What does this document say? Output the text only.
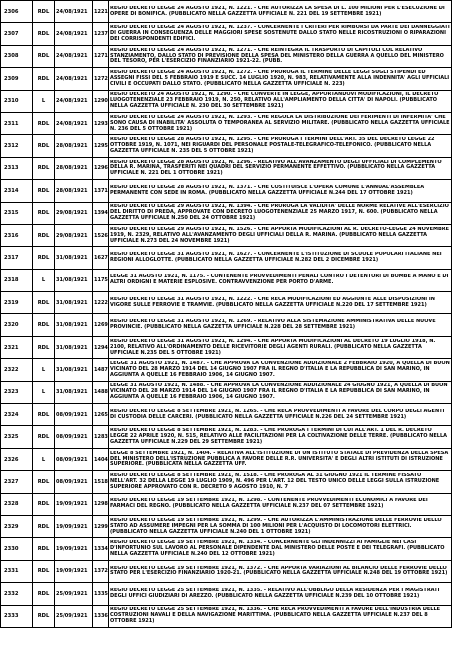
2306	RDL	24/08/1921	1221	REGIO DECRETO LEGGE 24 AGOSTO 1921, N. 1221. - CHE AUTORIZZA LA SPESA DI L. 100 MILIONI PER L'ESECUZIONE DI OPERE DI BONIFICA. (PUBBLICATO NELLA GAZZETTA UFFICIALE N. 221 DEL 19 SETTEMBRE 1921)

2307	RDL	24/08/1921	1237	REGIO DECRETO LEGGE 24 AGOSTO 1921, N. 1237. - CONCERNENTE I CRITERI PER RIMBORSI DA PARTE DEI DANNEGGIATI DI GUERRA IN CONSEGUENZA DELLE MAGGIORI SPESE SOSTENUTE DALLO STATO NELLE RICOSTRUZIONI O RIPARAZIONI DEI CORRISPONDENTI EDIFICI.

2308	RDL	24/08/1921	1271	REGIO DECRETO LEGGE 24 AGOSTO 1921, N. 1271. - CHE REINTEGRA IL TRASPORTO DI CAPITOLI COL RELATIVO STANZIAMENTO, DALLO STATO DI PREVISIONE DELLA SPESA DEL MINISTERO DELLA GUERRA A QUELLO DEL MINISTERO DEL TESORO, PER L'ESERCIZIO FINANZIARIO 1921-22. (PUBB.

2309	RDL	24/08/1921	1272	REGIO DECRETO LEGGE 24 AGOSTO 1921, N. 1272. - CHE PROROGA IL TERMINE DELLE LEGGI SUGLI STIPENDI ED ASSEGNI FISSI DEL 5 FEBBRAIO 1919 E SUCC. 14 LUGLIO 1920, N. 983, RELATIVAMENTE ALLA INDENNITA' AGLI UFFICIALI CIVILI E OCCUPATI DALLO STATO. (PUBBLICATO NELLA GAZZETTA UFFICIALE N. 223)

2310	L	24/08/1921	1290	REGIO DECRETO 24 AGOSTO 1921, N. 1290. - CHE CONVERTE IN LEGGE, APPORTANDOVI MODIFICAZIONI, IL DECRETO LUOGOTENENZIALE 23 FEBBRAIO 1919, N. 250, RELATIVO ALL'AMPLIAMENTO DELLA CITTA' DI NAPOLI. (PUBBLICATO NELLA GAZZETTA UFFICIALE N. 230 DEL 30 SETTEMBRE 1921)

2311	RDL	24/08/1921	1293	REGIO DECRETO LEGGE 24 AGOSTO 1921, N. 1293. - CHE REGOLA LA DISTRIBUZIONE DEI FERIMENTI DI INFERMITA' CHE SONO CAUSA DI INABILITA' ASSOLUTA O TEMPORANEA AL SERVIZIO MILITARE. (PUBBLICATO NELLA GAZZETTA UFFICIALE N. 236 DEL 5 OTTOBRE 1921)

2312	RDL	28/08/1921	1295	REGIO DECRETO LEGGE 28 AGOSTO 1921, N. 1295. - CHE PROROGA I TERMINI DELL'ART. 35 DEL DECRETO LEGGE 22 OTTOBRE 1919, N. 1071, NEI RIGUARDI DEL PERSONALE POSTALE-TELEGRAFICO-TELEFONICO. (PUBBLICATO NELLA GAZZETTA UFFICIALE N. 235 DEL 5 OTTOBRE 1921)

2313	RDL	28/08/1921	1296	REGIO DECRETO LEGGE 28 AGOSTO 1921, N. 1296. - RELATIVO ALL'AVANZAMENTO DEGLI UFFICIALI DI COMPLEMENTO DELLA R. MARINA, TRASFERITI NEI QUADRI DEL SERVIZIO PERMANENTE EFFETTIVO. (PUBBLICATO NELLA GAZZETTA UFFICIALE N. 221 DEL 1 OTTOBRE 1921)

2314	RDL	28/08/1921	1371	REGIO DECRETO LEGGE 28 AGOSTO 1921, N. 1371. - CHE COSTITUISCE L'OPERA COMUNE L'ANNUAL'ASSEMBLEA PERMANENTE CON SEDE IN ROMA. (PUBBLICATO NELLA GAZZETTA UFFICIALE N.244 DEL 17 OTTOBRE 1921)

2315	RDL	29/08/1921	1394	REGIO DECRETO LEGGE 29 AGOSTO 1921, N. 1394. - CHE PROROGA LA VALIDITA' DELLE NORME RELATIVE ALL'ESERCIZIO DEL DIRITTO DI PREDA, APPROVATE CON DECRETO LUOGOTENENZIALE 25 MARZO 1917, N. 600. (PUBBLICATO NELLA GAZZETTA UFFICIALE N.250 DEL 24 OTTOBRE 1921)

2316	RDL	29/08/1921	1526	REGIO DECRETO LEGGE 29 AGOSTO 1921, N. 1526. - CHE APPORTA MODIFICAZIONI AL R. DECRETO-LEGGE 24 NOVEMBRE 1919, N. 2329, RELATIVO ALL'AVANZAMENTO DEGLI UFFICIALI DELLA R. MARINA. (PUBBLICATO NELLA GAZZETTA UFFICIALE N.273 DEL 24 NOVEMBRE 1921)

2317	RDL	31/08/1921	1627	REGIO DECRETO LEGGE 31 AGOSTO 1921, N. 1627. - CONCERNENTE L'ISTITUZIONE DI SCUOLE POPOLARI ITALIANE NEI REGIONI ALLOGLOTTE. (PUBBLICATO NELLA GAZZETTA UFFICIALE N.282 DEL 2 DICEMBRE 1921)

2318	L	31/08/1921	1175	LEGGE 31 AGOSTO 1921, N. 1175. - CONTENENTE PROVVEDIMENTI PENALI CONTRO I DETENTORI DI BOMBE A MANO E DI ALTRI ORDIGNI E MATERIE ESPLOSIVE. CONTRAVVENZIONE PER PORTO D'ARME.

2319	RDL	31/08/1921	1222	REGIO DECRETO LEGGE 31 AGOSTO 1921, N. 1222. - CHE RECA MODIFICAZIONI ED AGGIUNTE ALLE DISPOSIZIONI IN VIGORE SULLE FERROVIE E TRAMVIE. (PUBBLICATO NELLA GAZZETTA UFFICIALE N.220 DEL 17 SETTEMBRE 1921)

2320	RDL	31/08/1921	1269	REGIO DECRETO LEGGE 31 AGOSTO 1921, N. 1269. - RELATIVO ALLA SISTEMAZIONE AMMINISTRATIVA DELLE NUOVE PROVINCIE. (PUBBLICATO NELLA GAZZETTA UFFICIALE N.228 DEL 28 SETTEMBRE 1921)

2321	RDL	31/08/1921	1294	REGIO DECRETO LEGGE 31 AGOSTO 1921, N. 1294. - CHE APPORTA MODIFICAZIONI AL DECRETO 19 LUGLIO 1918, N. 2100, RELATIVO ALL'ORDINAMENTO DELLE RICEVITORIE DEGLI AGENTI RURALI. (PUBBLICATO NELLA GAZZETTA UFFICIALE N.235 DEL 5 OTTOBRE 1921)

2322	L	31/08/1921	1487	LEGGE 31 AGOSTO 1921, N. 1487. - CHE APPROVA LA CONVENZIONE ADDIZIONALE 2 FEBBRAIO 1920, A QUELLA DI BUON VICINATO DEL 28 MARZO 1914 DEL 14 GIUGNO 1907 FRA IL REGNO D'ITALIA E LA REPUBBLICA DI SAN MARINO, IN AGGIUNTA A QUELLE 16 FEBBRAIO 1906, 14 GIUGNO 1907.

2323	L	31/08/1921	1488	LEGGE 31 AGOSTO 1921, N. 1488. - CHE APPROVA LA CONVENZIONE ADDIZIONALE 24 GIUGNO 1921, A QUELLA DI BUON VICINATO DEL 28 MARZO 1914 DEL 14 GIUGNO 1907 FRA IL REGNO D'ITALIA E LA REPUBBLICA DI SAN MARINO, IN AGGIUNTA A QUELLE 16 FEBBRAIO 1906, 14 GIUGNO 1907.

2324	RDL	08/09/1921	1265	REGIO DECRETO LEGGE 8 SETTEMBRE 1921, N. 1265. - CHE RECA PROVVEDIMENTI A FAVORE DEL CORPO DEGLI AGENTI DI CUSTODIA DELLE CARCERI. (PUBBLICATO NELLA GAZZETTA UFFICIALE N.226 DEL 24 SETTEMBRE 1921)

2325	RDL	08/09/1921	1283	REGIO DECRETO LEGGE 8 SETTEMBRE 1921, N. 1283. - CHE PROROGA I TERMINI DI CUI ALL'ART. 1 DEL R. DECRETO LEGGE 22 APRILE 1920, N. 515, RELATIVO ALLE FACILITAZIONI PER LA COLTIVAZIONE DELLE TERRE. (PUBBLICATO NELLA GAZZETTA UFFICIALE N.229 DEL 29 SETTEMBRE 1921)

2326	L	08/09/1921	1404	LEGGE 8 SETTEMBRE 1921, N. 1404. - RELATIVA ALL'ISTITUZIONE DI UN ISTITUTO STATALE DI PREVIDENZA DELLA SPESA DEL MINISTERO DELL'ISTRUZIONE PUBBLICA A FAVORE DELLE R.R. UNIVERSITA' E DEGLI ALTRI ISTITUTI DI ISTRUZIONE SUPERIORE. (PUBBLICATA NELLA GAZZETTA UFF.

2327	RDL	08/09/1921	1518	REGIO DECRETO LEGGE 8 SETTEMBRE 1921, N. 1518. - CHE PROROGA AL 31 GIUGNO 1921 IL TERMINE FISSATO NELL'ART. 32 DELLA LEGGE 19 LUGLIO 1909, N. 496 PER L'ART. 12 DEL TESTO UNICO DELLE LEGGI SULLA ISTRUZIONE SUPERIORE APPROVATO CON R. DECRETO 9 AGOSTO 1910, N. 7

2328	RDL	19/09/1921	1298	REGIO DECRETO LEGGE 19 SETTEMBRE 1921, N. 1298. - CONTENENTE PROVVEDIMENTI ECONOMICI A FAVORE DEI FARMACI DEL REGNO. (PUBBLICATO NELLA GAZZETTA UFFICIALE N.237 DEL 07 SETTEMBRE 1921)

2329	RDL	19/09/1921	1299	REGIO DECRETO LEGGE 19 SETTEMBRE 1921, N. 1299. - CHE AUTORIZZA L'AMMINISTRAZIONE DELLE FERROVIE DELLO STATO AD ASSUMERE IMPEGNI PER LA SOMMA DI 100 MILIONI PER L'ACQUISTO DI LOCOMOTORI ELETTRICI. (PUBBLICATO NELLA GAZZETTA UFFICIALE N.240 DEL 1 OTTOBRE 1921)

2330	RDL	19/09/1921	1334	REGIO DECRETO LEGGE 19 SETTEMBRE 1921, N. 1334. - CONCERNENTE GLI INDENNIZZI AI FAMIGLIE NEI CASI D'INFORTUNIO SUL LAVORO AL PERSONALE DIPENDENTE DAL MINISTERO DELLE POSTE E DEI TELEGRAFI. (PUBBLICATO NELLA GAZZETTA UFFICIALE N.240 DEL 12 OTTOBRE 1921)

2331	RDL	19/09/1921	1372	REGIO DECRETO LEGGE 19 SETTEMBRE 1921, N. 1372. - CHE APPORTA VARIAZIONI AL BILANCIO DELLE FERROVIE DELLO STATO PER L'ESERCIZIO FINANZIARIO 1920-21. (PUBBLICATO NELLA GAZZETTA UFFICIALE N.248 DEL 19 OTTOBRE 1921)

2332	RDL	25/09/1921	1335	REGIO DECRETO LEGGE 25 SETTEMBRE 1921, N. 1335. - RELATIVO ALL'OBBLIGO DELLA RESIDENZA PER I MAGISTRATI DEGLI UFFICI GIUDIZIARI DI AREZZO. (PUBBLICATO NELLA GAZZETTA UFFICIALE N.239 DEL 10 OTTOBRE 1921)

2333	RDL	25/09/1921	1336	REGIO DECRETO LEGGE 25 SETTEMBRE 1921, N. 1336. - CHE RECA PROVVEDIMENTI A FAVORE DELL'INDUSTRIA DELLE COSTRUZIONI NAVALI E DELLA NAVIGAZIONE MARITTIMA. (PUBBLICATO NELLA GAZZETTA UFFICIALE N.237 DEL 8 OTTOBRE 1921)
